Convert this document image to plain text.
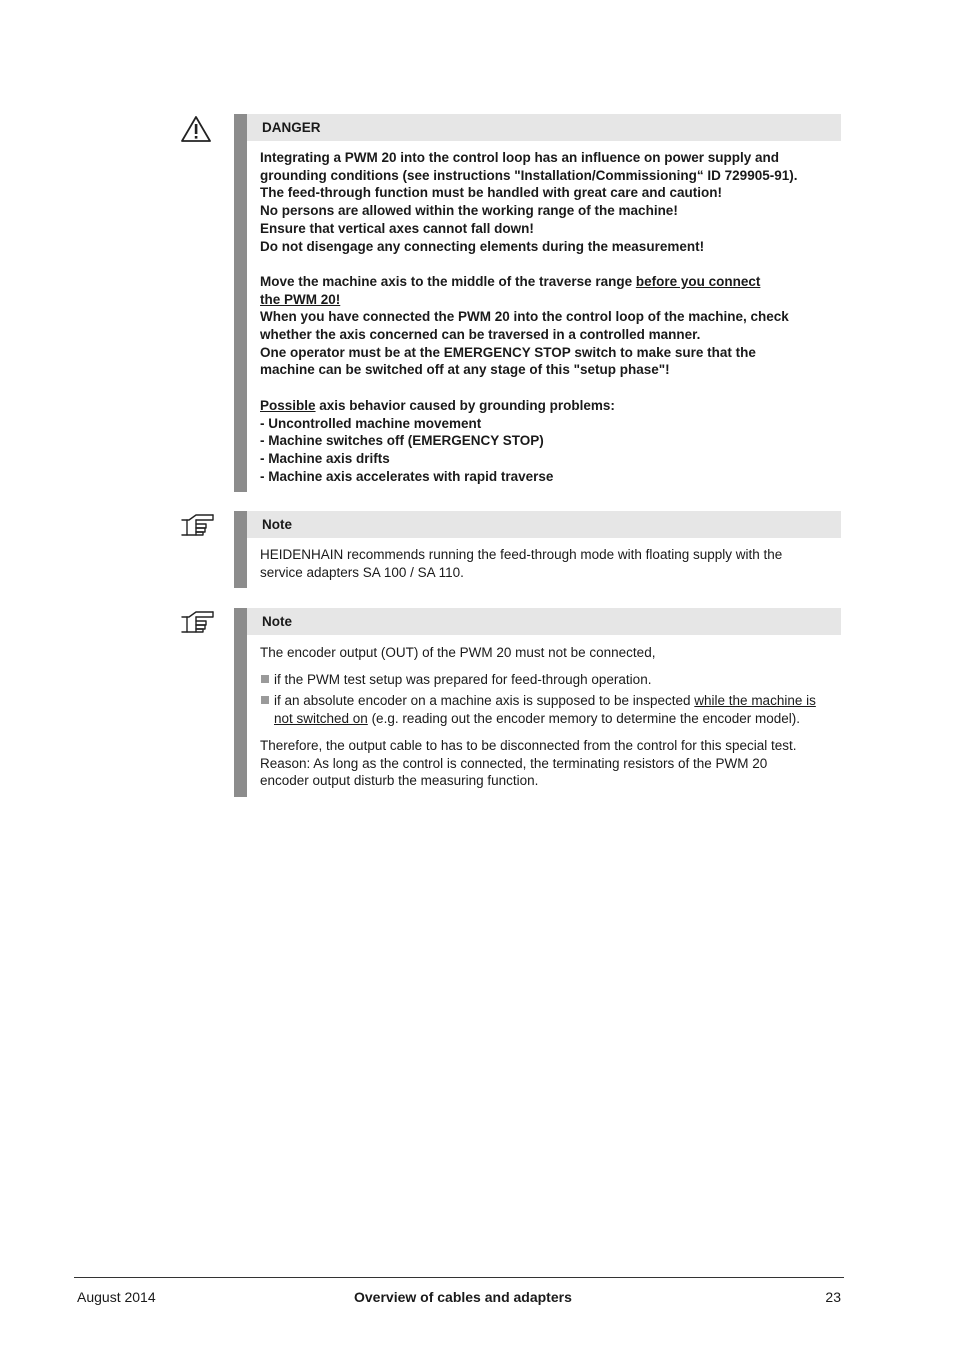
DANGER

Integrating a PWM 20 into the control loop has an influence on power supply and

grounding conditions (see instructions "Installation/Commissioning“ ID 729905-91).

The feed-through function must be handled with great care and caution!

No persons are allowed within the working range of the machine!

Ensure that vertical axes cannot fall down!

Do not disengage any connecting elements during the measurement!

Move the machine axis to the middle of the traverse range before you connect

the PWM 20!

When you have connected the PWM 20 into the control loop of the machine, check

whether the axis concerned can be traversed in a controlled manner.

One operator must be at the EMERGENCY STOP switch to make sure that the

machine can be switched off at any stage of this "setup phase"!

Possible axis behavior caused by grounding problems:

- Uncontrolled machine movement

- Machine switches off (EMERGENCY STOP)

- Machine axis drifts

- Machine axis accelerates with rapid traverse

Note

HEIDENHAIN recommends running the feed-through mode with floating supply with the

service adapters SA 100 / SA 110.

Note

The encoder output (OUT) of the PWM 20 must not be connected,

if the PWM test setup was prepared for feed-through operation.
if an absolute encoder on a machine axis is supposed to be inspected while the machine is
not switched on (e.g. reading out the encoder memory to determine the encoder model).

Therefore, the output cable to has to be disconnected from the control for this special test.

Reason: As long as the control is connected, the terminating resistors of the PWM 20

encoder output disturb the measuring function.

August 2014	Overview of cables and adapters	23
